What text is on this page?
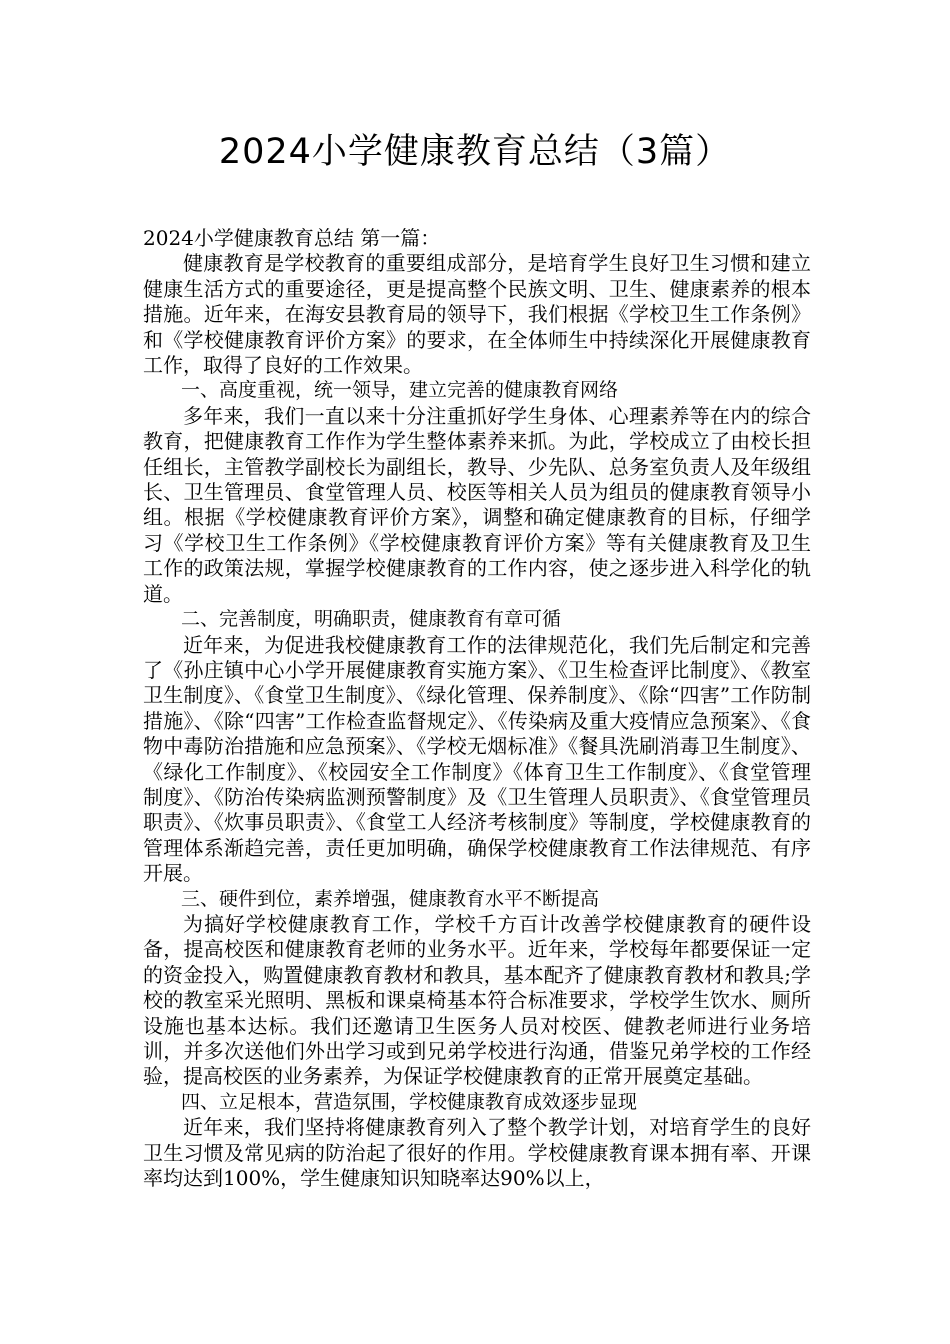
2024小学健康教育总结（3篇）

2024小学健康教育总结 第一篇：

健康教育是学校教育的重要组成部分，是培育学生良好卫生习惯和建立健康生活方式的重要途径，更是提高整个民族文明、卫生、健康素养的根本措施。近年来，在海安县教育局的领导下，我们根据《学校卫生工作条例》和《学校健康教育评价方案》的要求，在全体师生中持续深化开展健康教育工作，取得了良好的工作效果。

一、高度重视，统一领导，建立完善的健康教育网络

多年来，我们一直以来十分注重抓好学生身体、心理素养等在内的综合教育，把健康教育工作作为学生整体素养来抓。为此，学校成立了由校长担任组长，主管教学副校长为副组长，教导、少先队、总务室负责人及年级组长、卫生管理员、食堂管理人员、校医等相关人员为组员的健康教育领导小组。根据《学校健康教育评价方案》，调整和确定健康教育的目标，仔细学习《学校卫生工作条例》《学校健康教育评价方案》等有关健康教育及卫生工作的政策法规，掌握学校健康教育的工作内容，使之逐步进入科学化的轨道。

二、完善制度，明确职责，健康教育有章可循

近年来，为促进我校健康教育工作的法律规范化，我们先后制定和完善了《孙庄镇中心小学开展健康教育实施方案》、《卫生检查评比制度》、《教室卫生制度》、《食堂卫生制度》、《绿化管理、保养制度》、《除“四害”工作防制措施》、《除“四害”工作检查监督规定》、《传染病及重大疫情应急预案》、《食物中毒防治措施和应急预案》、《学校无烟标准》《餐具洗刷消毒卫生制度》、《绿化工作制度》、《校园安全工作制度》《体育卫生工作制度》、《食堂管理制度》、《防治传染病监测预警制度》及《卫生管理人员职责》、《食堂管理员职责》、《炊事员职责》、《食堂工人经济考核制度》等制度，学校健康教育的管理体系渐趋完善，责任更加明确，确保学校健康教育工作法律规范、有序开展。

三、硬件到位，素养增强，健康教育水平不断提高

为搞好学校健康教育工作，学校千方百计改善学校健康教育的硬件设备，提高校医和健康教育老师的业务水平。近年来，学校每年都要保证一定的资金投入，购置健康教育教材和教具，基本配齐了健康教育教材和教具;学校的教室采光照明、黑板和课桌椅基本符合标准要求，学校学生饮水、厕所设施也基本达标。我们还邀请卫生医务人员对校医、健教老师进行业务培训，并多次送他们外出学习或到兄弟学校进行沟通，借鉴兄弟学校的工作经验，提高校医的业务素养，为保证学校健康教育的正常开展奠定基础。

四、立足根本，营造氛围，学校健康教育成效逐步显现

近年来，我们坚持将健康教育列入了整个教学计划，对培育学生的良好卫生习惯及常见病的防治起了很好的作用。学校健康教育课本拥有率、开课率均达到100%，学生健康知识知晓率达90%以上，
